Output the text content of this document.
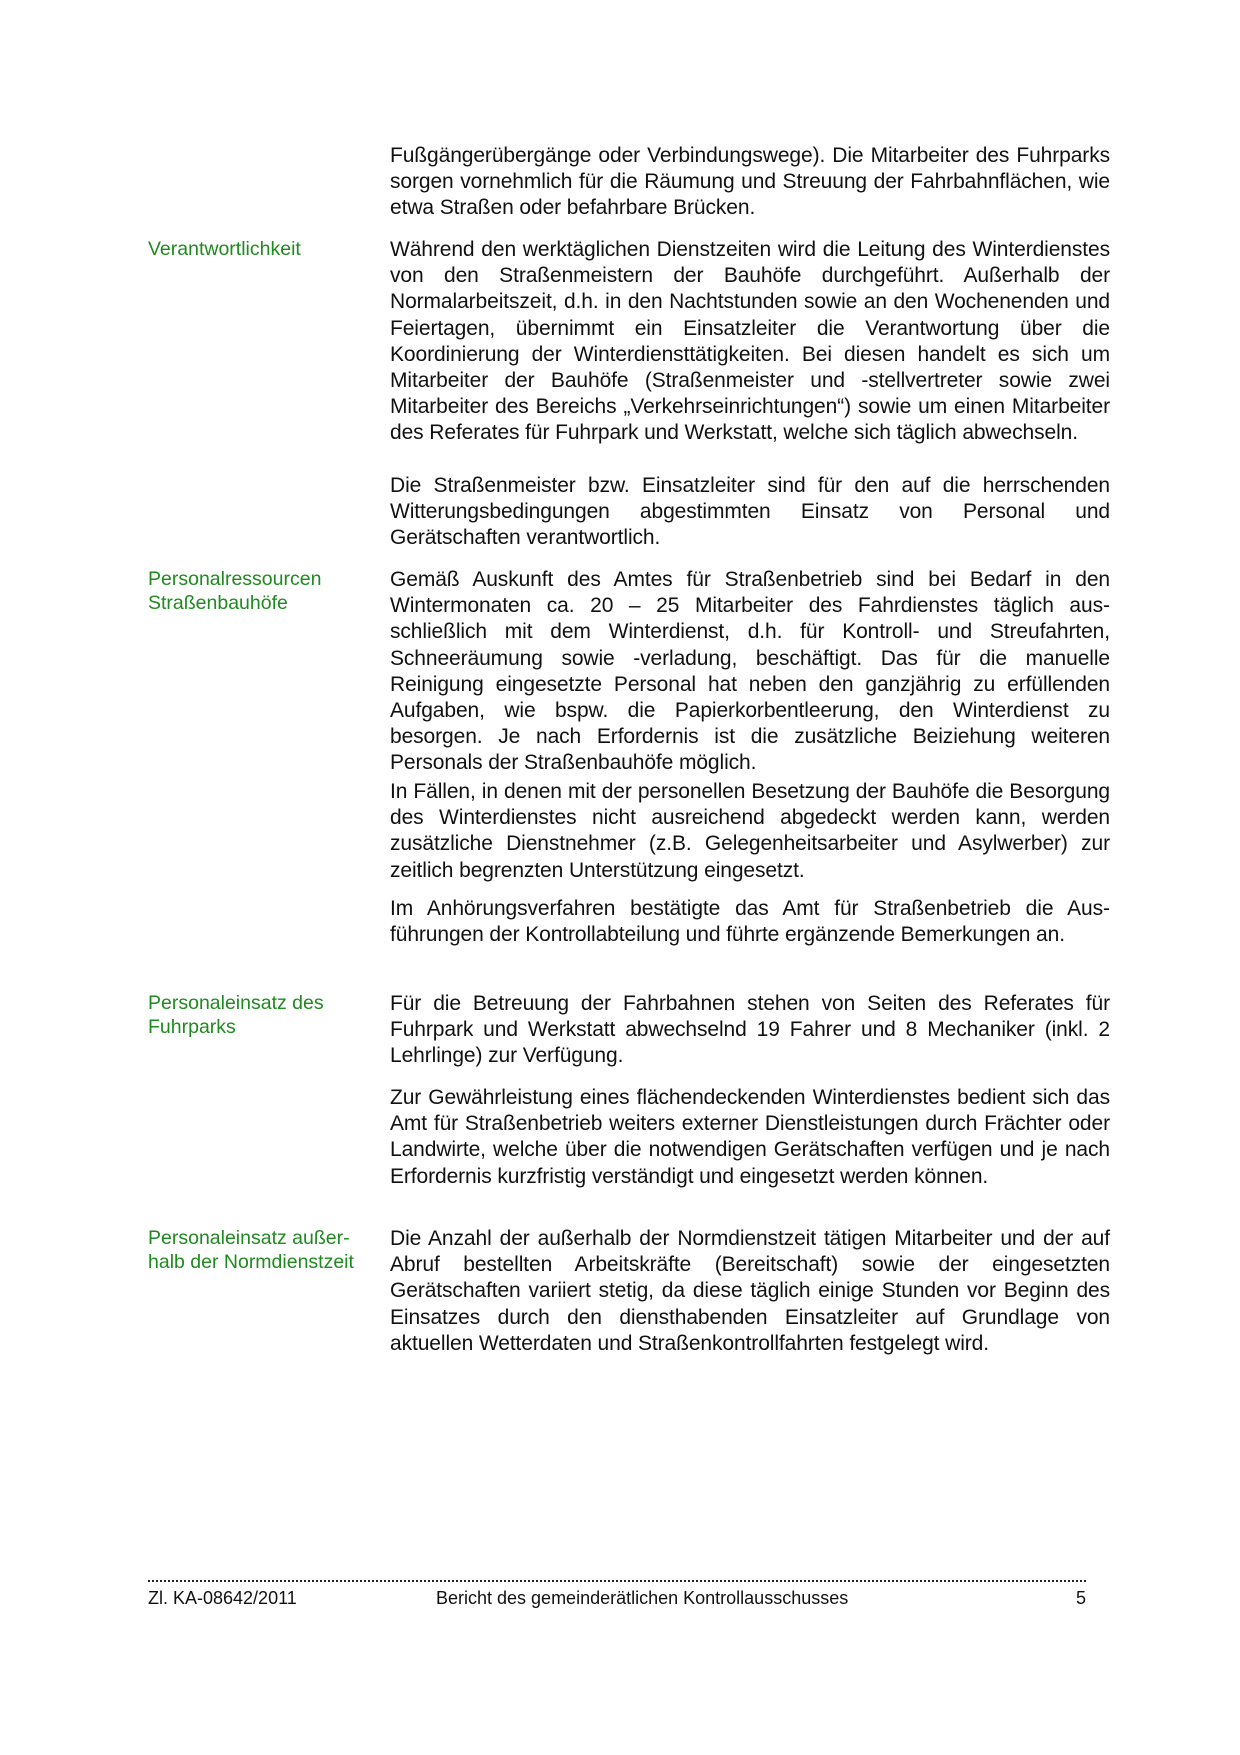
Fußgängerübergänge oder Verbindungswege). Die Mitarbeiter des Fuhrparks sorgen vornehmlich für die Räumung und Streuung der Fahrbahnflächen, wie etwa Straßen oder befahrbare Brücken.

Verantwortlichkeit	Während den werktäglichen Dienstzeiten wird die Leitung des Winterdienstes von den Straßenmeistern der Bauhöfe durchgeführt. Außerhalb der Normalarbeitszeit, d.h. in den Nachtstunden sowie an den Wochenenden und Feiertagen, übernimmt ein Einsatzleiter die Verantwortung über die Koordinierung der Winterdiensttätigkeiten. Bei diesen handelt es sich um Mitarbeiter der Bauhöfe (Straßenmeister und -stellvertreter sowie zwei Mitarbeiter des Bereichs „Verkehrseinrichtungen“) sowie um einen Mitarbeiter des Referates für Fuhrpark und Werkstatt, welche sich täglich abwechseln.

Die Straßenmeister bzw. Einsatzleiter sind für den auf die herrschenden Witterungsbedingungen abgestimmten Einsatz von Personal und Gerätschaften verantwortlich.

Personalressourcen Straßenbauhöfe

Gemäß Auskunft des Amtes für Straßenbetrieb sind bei Bedarf in den Wintermonaten ca. 20 – 25 Mitarbeiter des Fahrdienstes täglich ausschließlich mit dem Winterdienst, d.h. für Kontroll- und Streufahrten, Schneeräumung sowie -verladung, beschäftigt. Das für die manuelle Reinigung eingesetzte Personal hat neben den ganzjährig zu erfüllenden Aufgaben, wie bspw. die Papierkorbentleerung, den Winterdienst zu besorgen. Je nach Erfordernis ist die zusätzliche Beiziehung weiteren Personals der Straßenbauhöfe möglich.

In Fällen, in denen mit der personellen Besetzung der Bauhöfe die Besorgung des Winterdienstes nicht ausreichend abgedeckt werden kann, werden zusätzliche Dienstnehmer (z.B. Gelegenheitsarbeiter und Asylwerber) zur zeitlich begrenzten Unterstützung eingesetzt.

Im Anhörungsverfahren bestätigte das Amt für Straßenbetrieb die Ausführungen der Kontrollabteilung und führte ergänzende Bemerkungen an.

Personaleinsatz des Fuhrparks

Für die Betreuung der Fahrbahnen stehen von Seiten des Referates für Fuhrpark und Werkstatt abwechselnd 19 Fahrer und 8 Mechaniker (inkl. 2 Lehrlinge) zur Verfügung.

Zur Gewährleistung eines flächendeckenden Winterdienstes bedient sich das Amt für Straßenbetrieb weiters externer Dienstleistungen durch Frächter oder Landwirte, welche über die notwendigen Gerätschaften verfügen und je nach Erfordernis kurzfristig verständigt und eingesetzt werden können.

Personaleinsatz außerhalb der Normdienstzeit

Die Anzahl der außerhalb der Normdienstzeit tätigen Mitarbeiter und der auf Abruf bestellten Arbeitskräfte (Bereitschaft) sowie der eingesetzten Gerätschaften variiert stetig, da diese täglich einige Stunden vor Beginn des Einsatzes durch den diensthabenden Einsatzleiter auf Grundlage von aktuellen Wetterdaten und Straßenkontrollfahrten festgelegt wird.

Zl. KA-08642/2011	Bericht des gemeinderätlichen Kontrollausschusses	5
